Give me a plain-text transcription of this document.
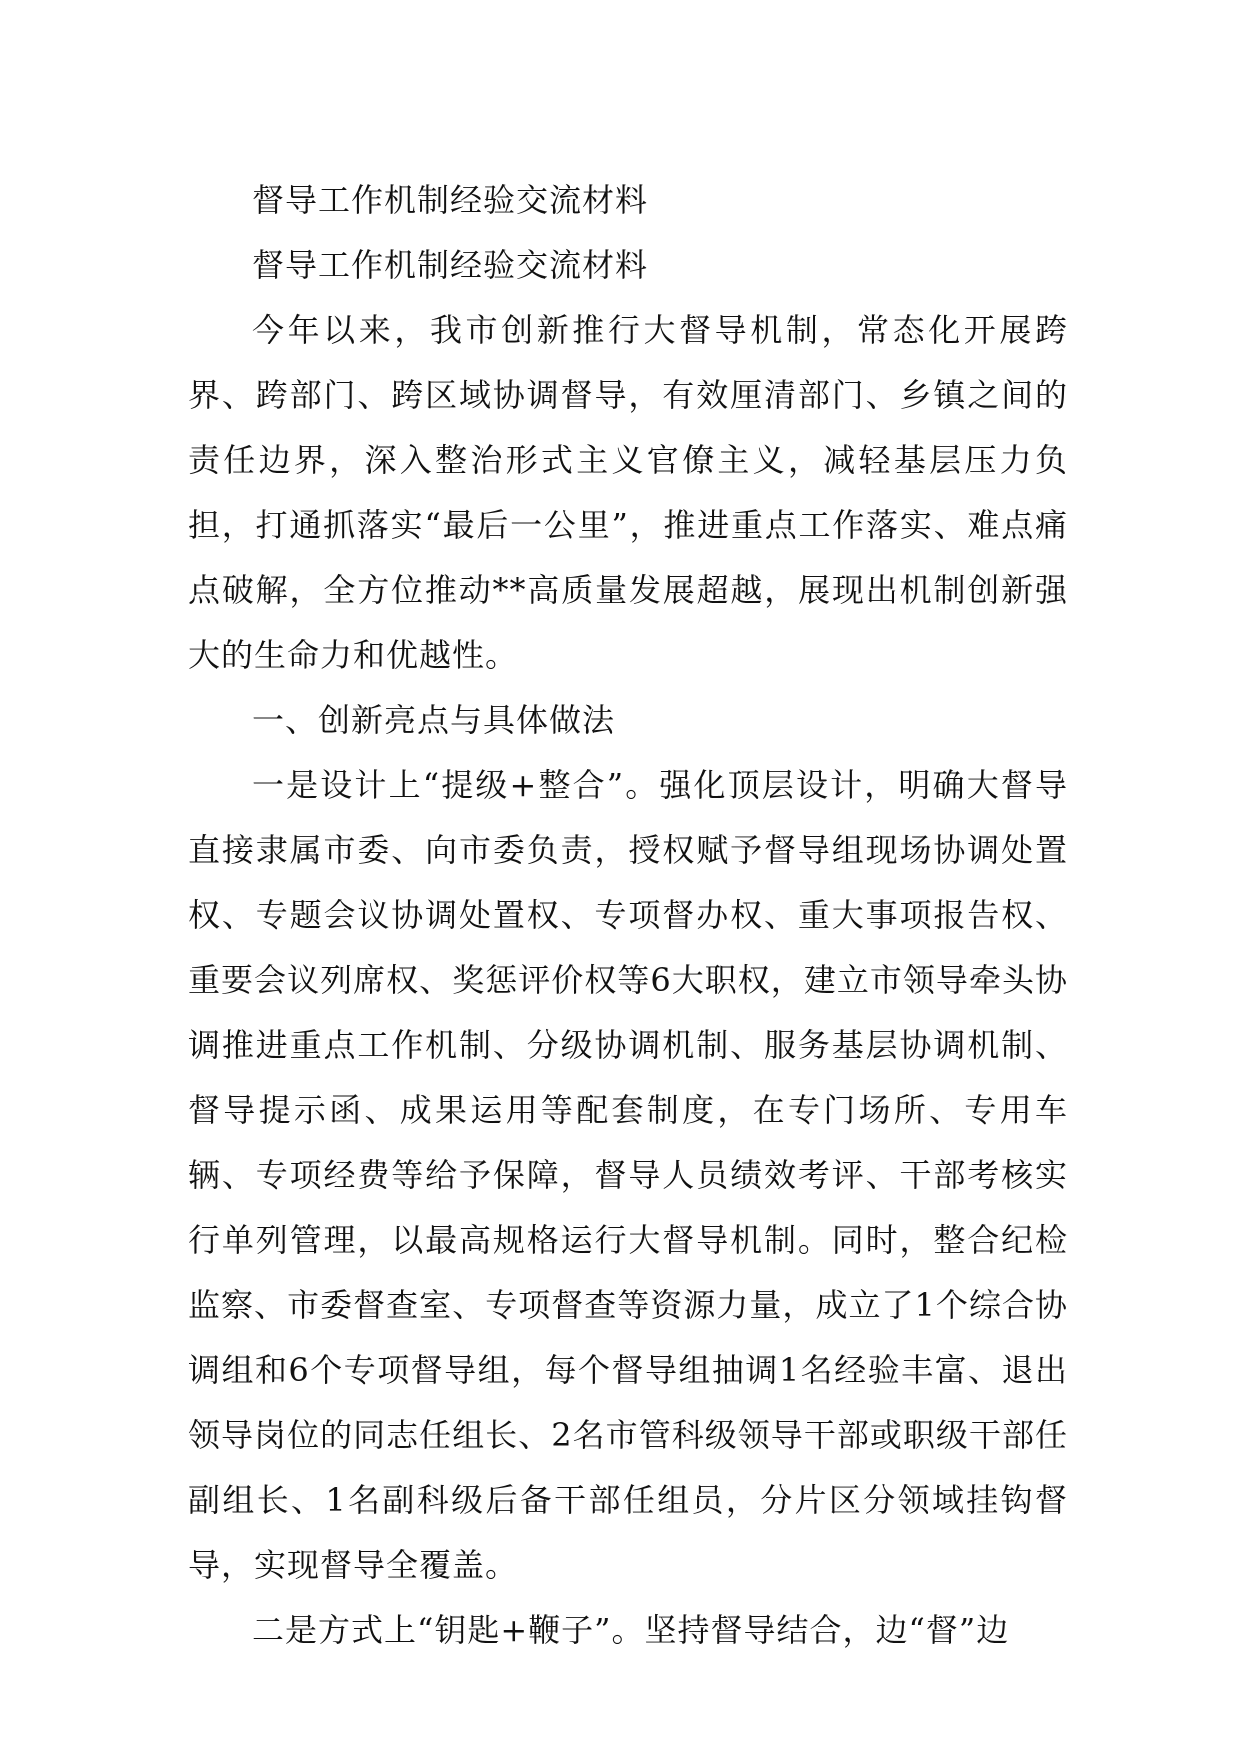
督导工作机制经验交流材料

督导工作机制经验交流材料

今年以来，我市创新推行大督导机制，常态化开展跨界、跨部门、跨区域协调督导，有效厘清部门、乡镇之间的责任边界，深入整治形式主义官僚主义，减轻基层压力负担，打通抓落实“最后一公里”，推进重点工作落实、难点痛点破解，全方位推动**高质量发展超越，展现出机制创新强大的生命力和优越性。

一、创新亮点与具体做法

一是设计上“提级+整合”。强化顶层设计，明确大督导直接隶属市委、向市委负责，授权赋予督导组现场协调处置权、专题会议协调处置权、专项督办权、重大事项报告权、重要会议列席权、奖惩评价权等6大职权，建立市领导牵头协调推进重点工作机制、分级协调机制、服务基层协调机制、督导提示函、成果运用等配套制度，在专门场所、专用车辆、专项经费等给予保障，督导人员绩效考评、干部考核实行单列管理，以最高规格运行大督导机制。同时，整合纪检监察、市委督查室、专项督查等资源力量，成立了1个综合协调组和6个专项督导组，每个督导组抽调1名经验丰富、退出领导岗位的同志任组长、2名市管科级领导干部或职级干部任副组长、1名副科级后备干部任组员，分片区分领域挂钩督导，实现督导全覆盖。

二是方式上“钥匙+鞭子”。坚持督导结合，边“督”边
